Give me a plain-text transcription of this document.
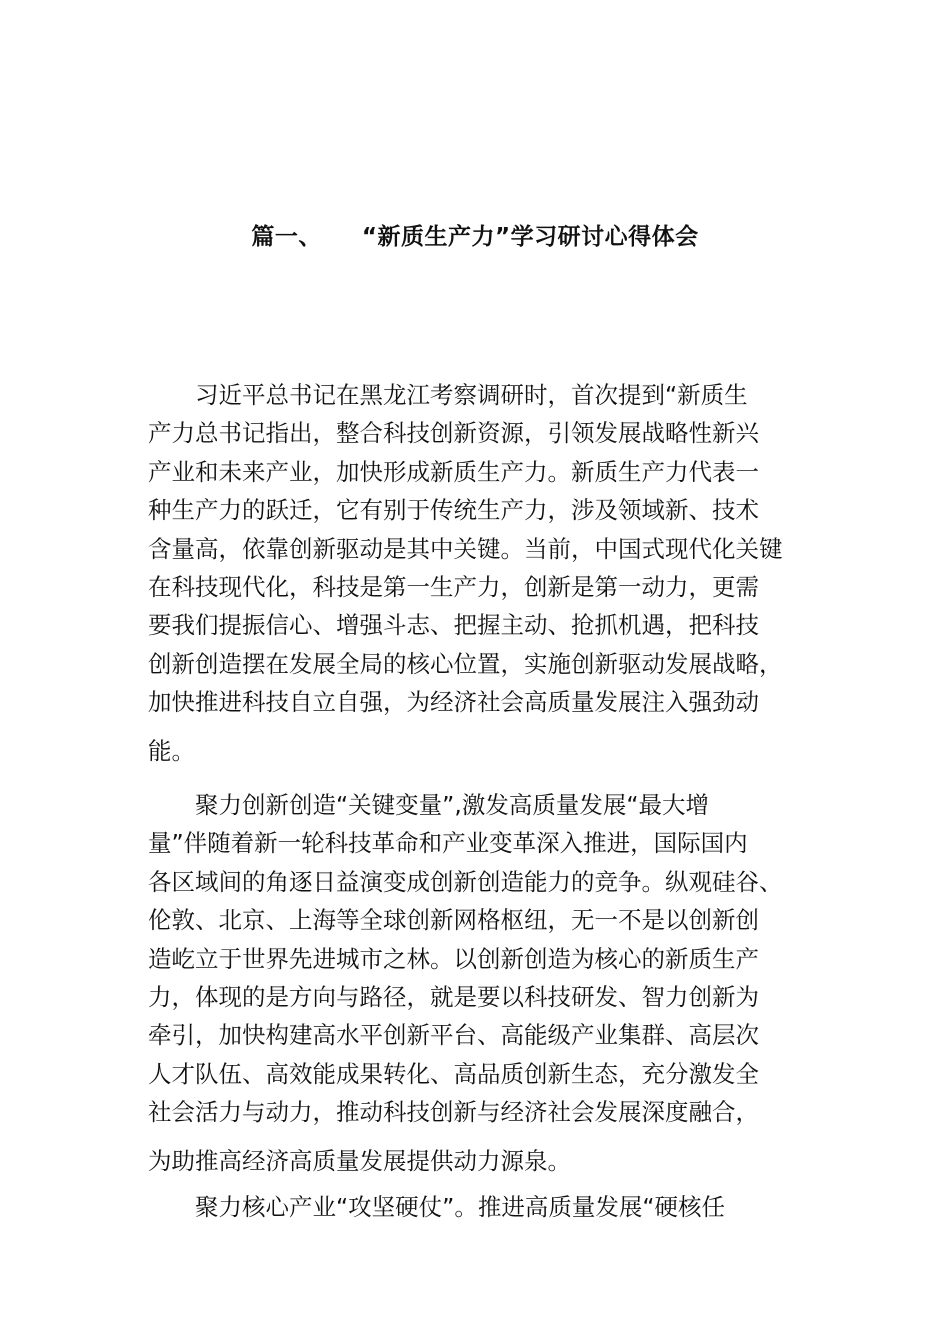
篇一、 “新质生产力”学习研讨心得体会
　　习近平总书记在黑龙江考察调研时，首次提到“新质生
产力总书记指出，整合科技创新资源，引领发展战略性新兴
产业和未来产业，加快形成新质生产力。新质生产力代表一
种生产力的跃迁，它有别于传统生产力，涉及领域新、技术
含量高，依靠创新驱动是其中关键。当前，中国式现代化关键
在科技现代化，科技是第一生产力，创新是第一动力，更需
要我们提振信心、增强斗志、把握主动、抢抓机遇，把科技
创新创造摆在发展全局的核心位置，实施创新驱动发展战略，
加快推进科技自立自强，为经济社会高质量发展注入强劲动
能。
　　聚力创新创造“关键变量”,激发高质量发展“最大增
量”伴随着新一轮科技革命和产业变革深入推进，国际国内
各区域间的角逐日益演变成创新创造能力的竞争。纵观硅谷、
伦敦、北京、上海等全球创新网格枢纽，无一不是以创新创
造屹立于世界先进城市之林。以创新创造为核心的新质生产
力，体现的是方向与路径，就是要以科技研发、智力创新为
牵引，加快构建高水平创新平台、高能级产业集群、高层次
人才队伍、高效能成果转化、高品质创新生态，充分激发全
社会活力与动力，推动科技创新与经济社会发展深度融合，
为助推高经济高质量发展提供动力源泉。
　　聚力核心产业“攻坚硬仗”。推进高质量发展“硬核任
